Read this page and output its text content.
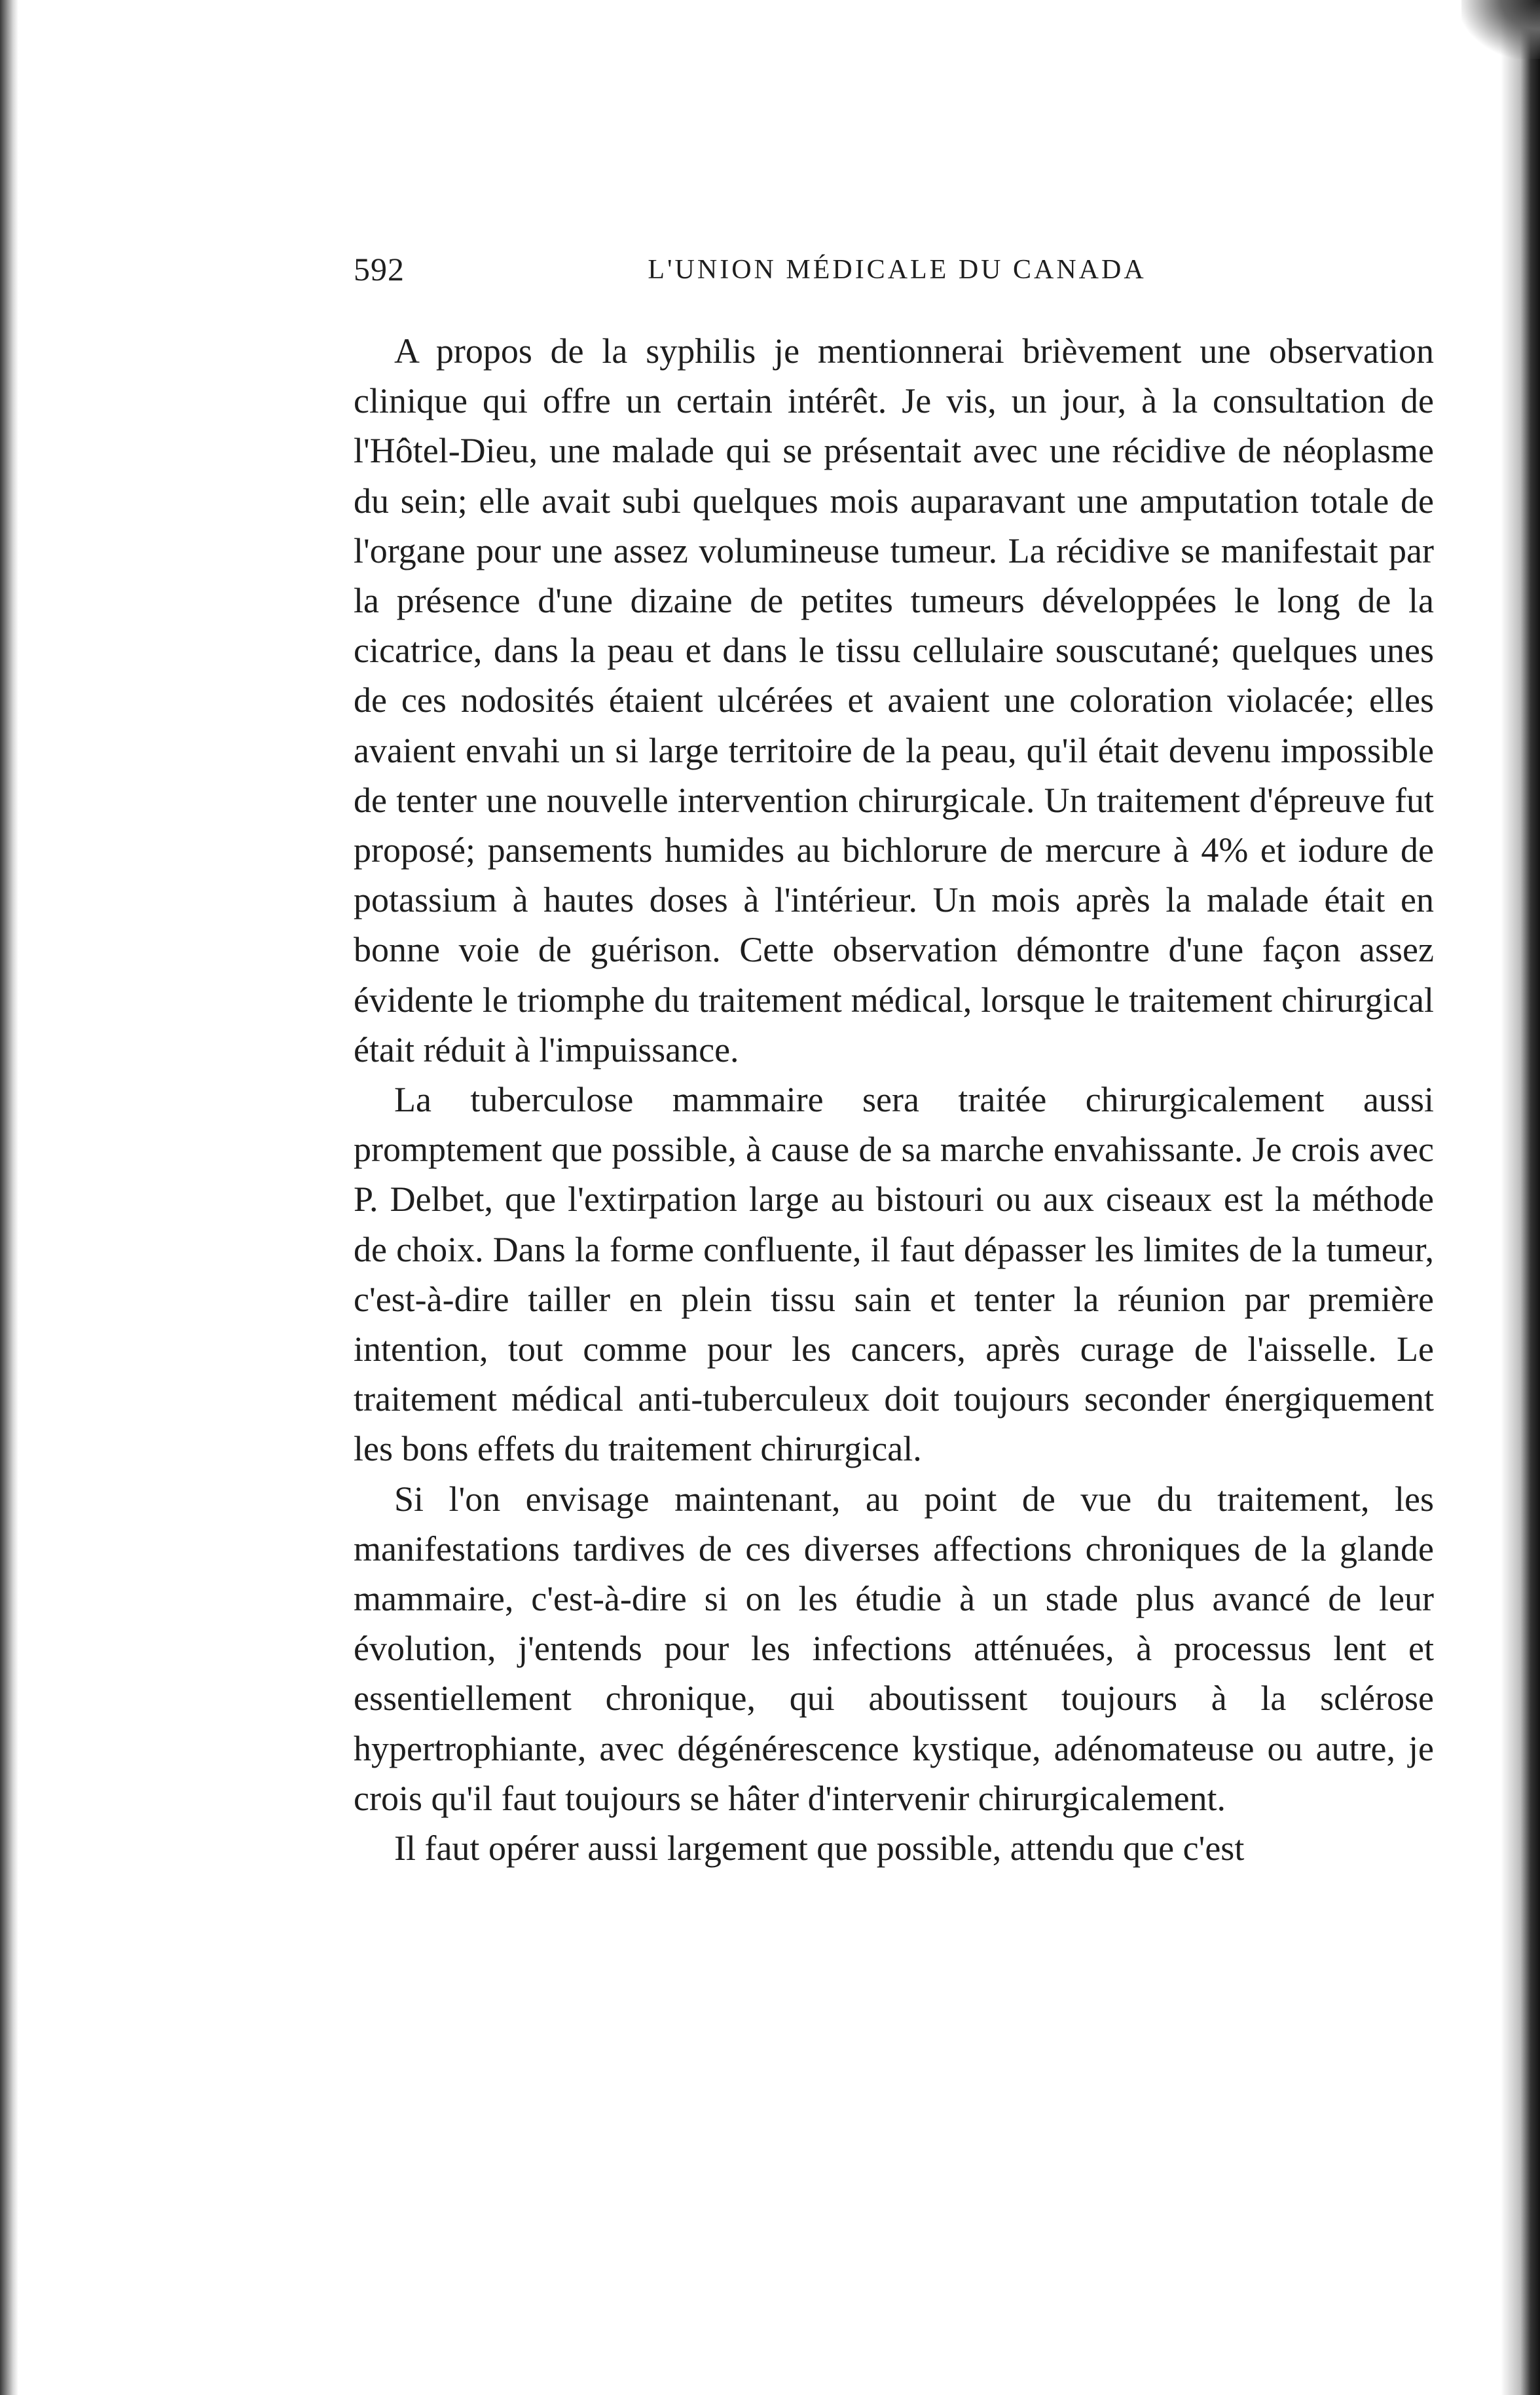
592	L'UNION MÉDICALE DU CANADA

A propos de la syphilis je mentionnerai brièvement une observation clinique qui offre un certain intérêt. Je vis, un jour, à la consultation de l'Hôtel-Dieu, une malade qui se présentait avec une récidive de néoplasme du sein; elle avait subi quelques mois auparavant une amputation totale de l'organe pour une assez volumineuse tumeur. La récidive se manifestait par la présence d'une dizaine de petites tumeurs développées le long de la cicatrice, dans la peau et dans le tissu cellulaire souscutané; quelques unes de ces nodosités étaient ulcérées et avaient une coloration violacée; elles avaient envahi un si large territoire de la peau, qu'il était devenu impossible de tenter une nouvelle intervention chirurgicale. Un traitement d'épreuve fut proposé; pansements humides au bichlorure de mercure à 4% et iodure de potassium à hautes doses à l'intérieur. Un mois après la malade était en bonne voie de guérison. Cette observation démontre d'une façon assez évidente le triomphe du traitement médical, lorsque le traitement chirurgical était réduit à l'impuissance.

La tuberculose mammaire sera traitée chirurgicalement aussi promptement que possible, à cause de sa marche envahissante. Je crois avec P. Delbet, que l'extirpation large au bistouri ou aux ciseaux est la méthode de choix. Dans la forme confluente, il faut dépasser les limites de la tumeur, c'est-à-dire tailler en plein tissu sain et tenter la réunion par première intention, tout comme pour les cancers, après curage de l'aisselle. Le traitement médical anti-tuberculeux doit toujours seconder énergiquement les bons effets du traitement chirurgical.

Si l'on envisage maintenant, au point de vue du traitement, les manifestations tardives de ces diverses affections chroniques de la glande mammaire, c'est-à-dire si on les étudie à un stade plus avancé de leur évolution, j'entends pour les infections atténuées, à processus lent et essentiellement chronique, qui aboutissent toujours à la sclérose hypertrophiante, avec dégénérescence kystique, adénomateuse ou autre, je crois qu'il faut toujours se hâter d'intervenir chirurgicalement.

Il faut opérer aussi largement que possible, attendu que c'est
